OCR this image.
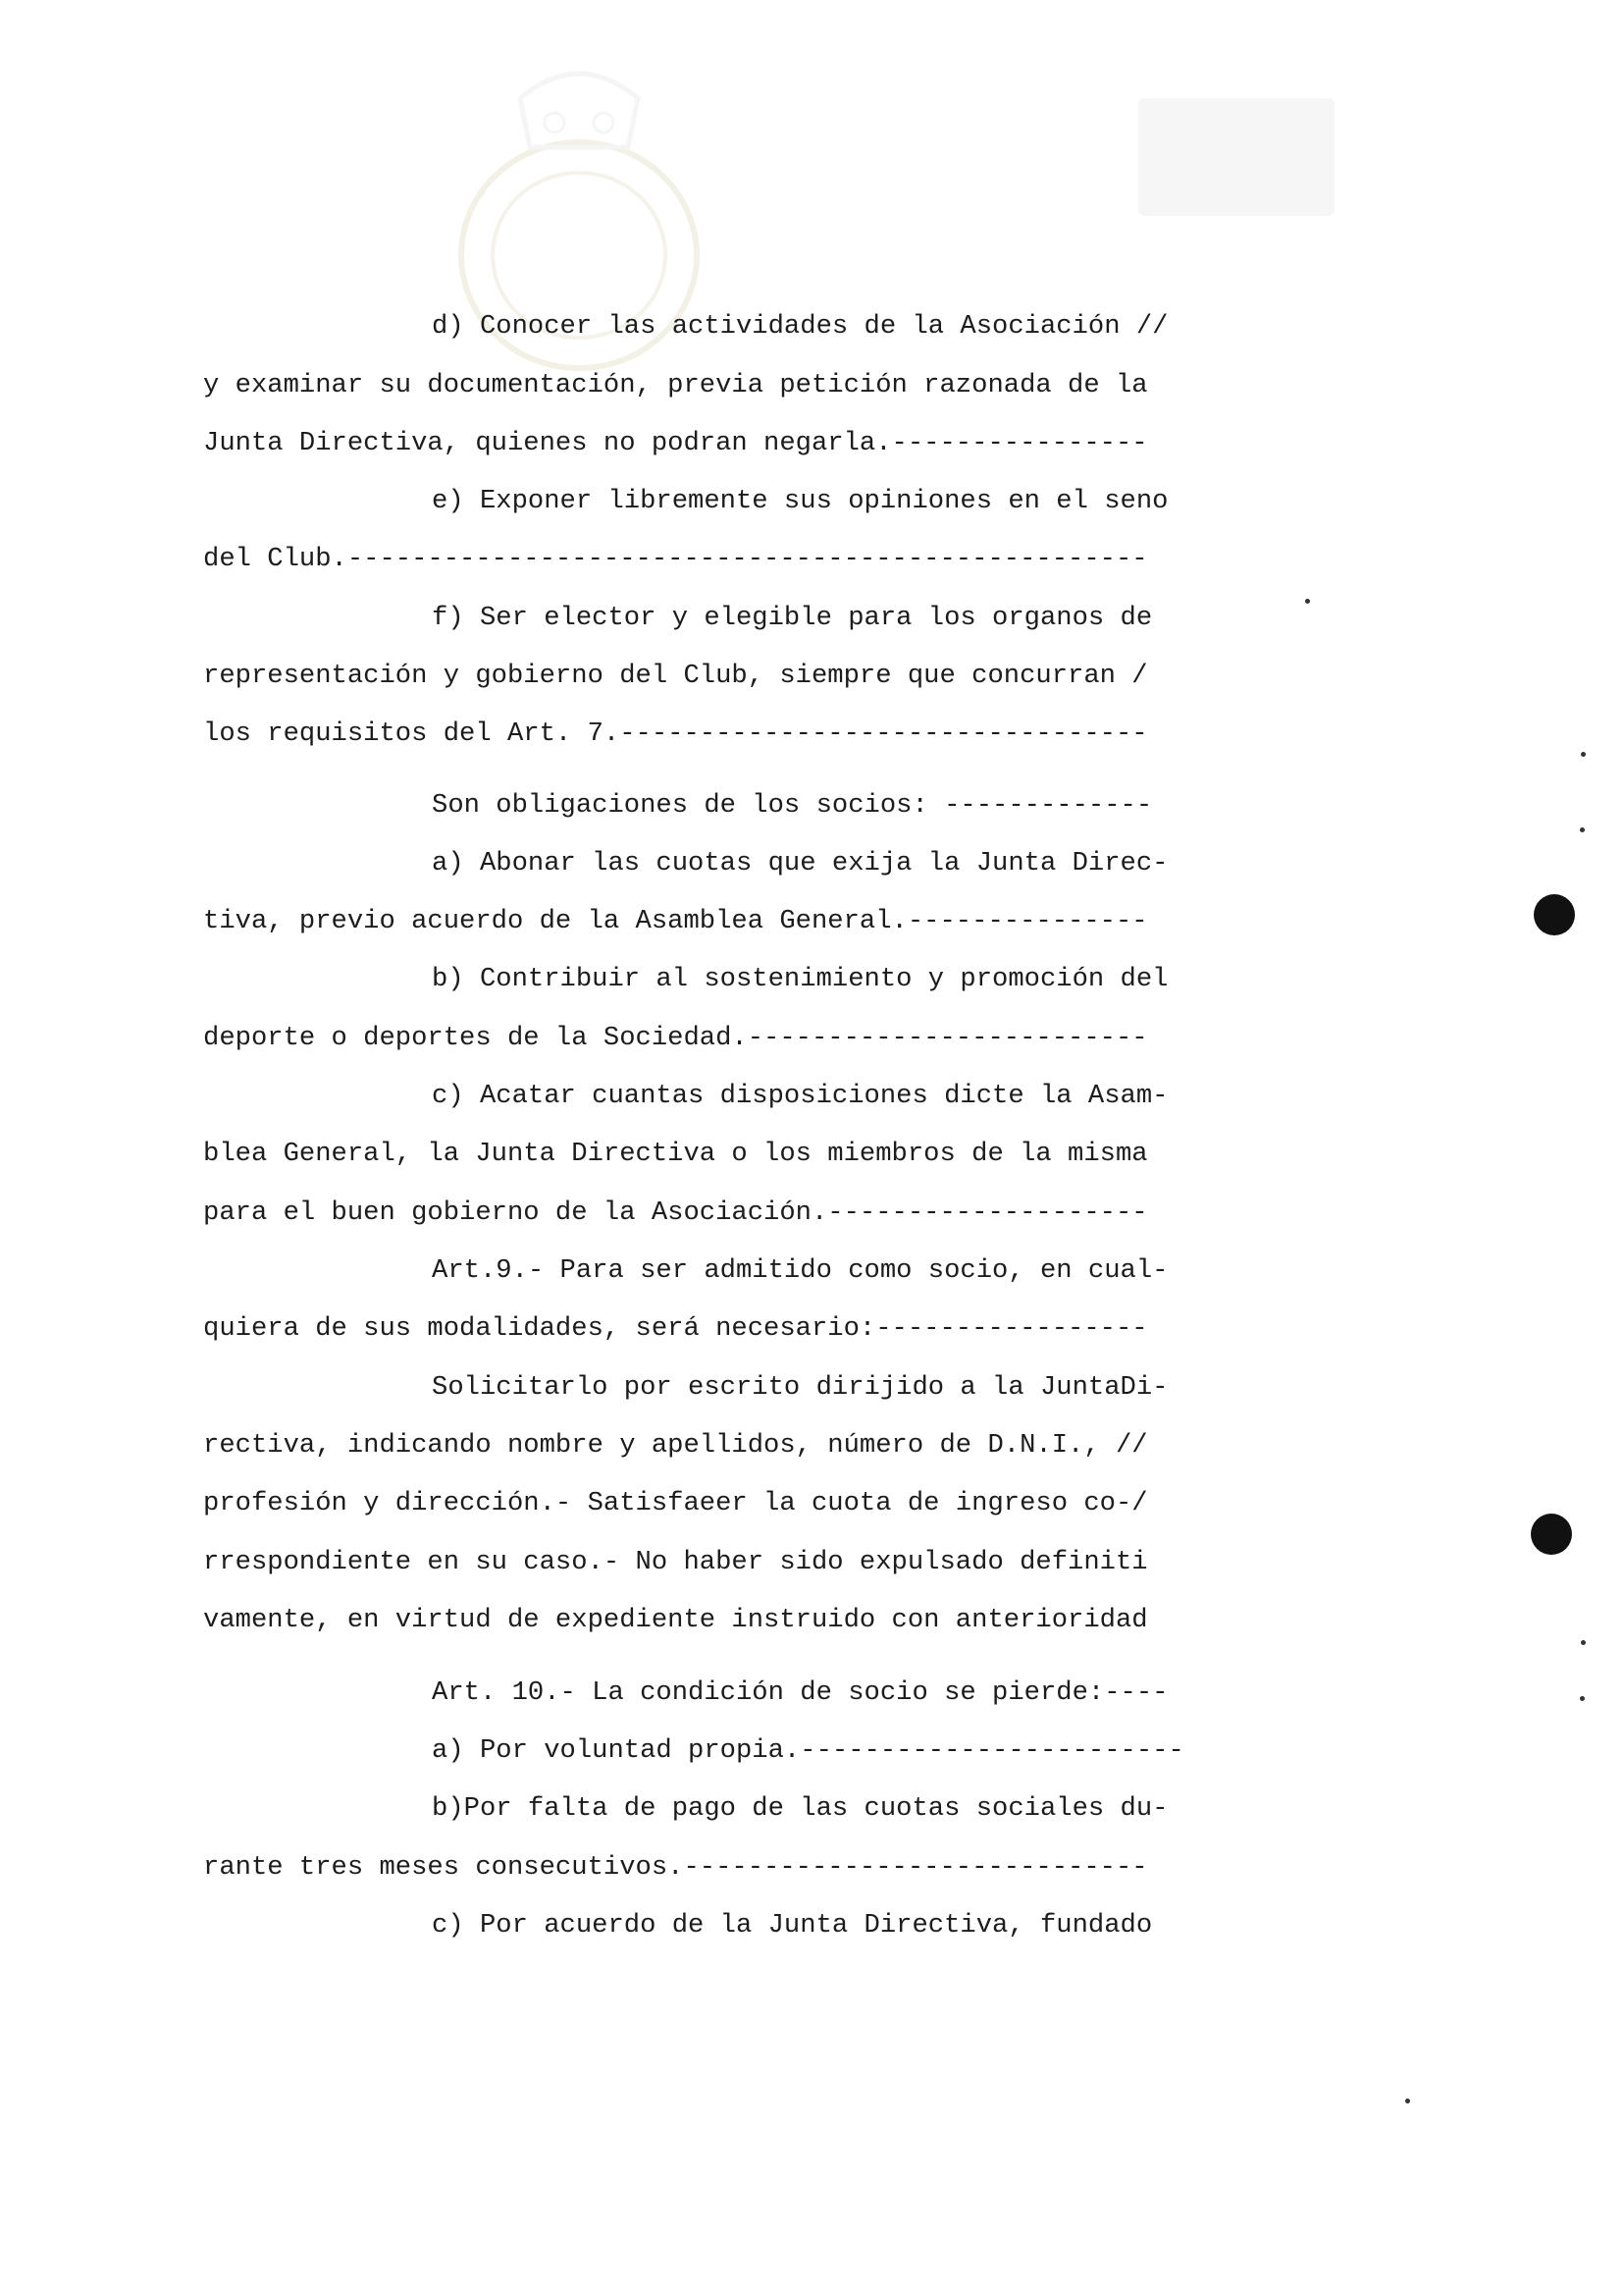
d) Conocer las actividades de la Asociación //
y examinar su documentación, previa petición razonada de la
Junta Directiva, quienes no podran negarla.----------------
e) Exponer libremente sus opiniones en el seno
del Club.--------------------------------------------------
f) Ser elector y elegible para los organos de
representación y gobierno del Club, siempre que concurran /
los requisitos del Art. 7.---------------------------------
Son obligaciones de los socios: -------------
a) Abonar las cuotas que exija la Junta Direc-
tiva, previo acuerdo de la Asamblea General.---------------
b) Contribuir al sostenimiento y promoción del
deporte o deportes de la Sociedad.-------------------------
c) Acatar cuantas disposiciones dicte la Asam-
blea General, la Junta Directiva o los miembros de la misma
para el buen gobierno de la Asociación.--------------------
Art.9.- Para ser admitido como socio, en cual-
quiera de sus modalidades, será necesario:-----------------
Solicitarlo por escrito dirijido a la JuntaDi-
rectiva, indicando nombre y apellidos, número de D.N.I., //
profesión y dirección.- Satisfaeer la cuota de ingreso co-/
rrespondiente en su caso.- No haber sido expulsado definiti
vamente, en virtud de expediente instruido con anterioridad
Art. 10.- La condición de socio se pierde:----
a) Por voluntad propia.------------------------
b)Por falta de pago de las cuotas sociales du-
rante tres meses consecutivos.-----------------------------
c) Por acuerdo de la Junta Directiva, fundado
